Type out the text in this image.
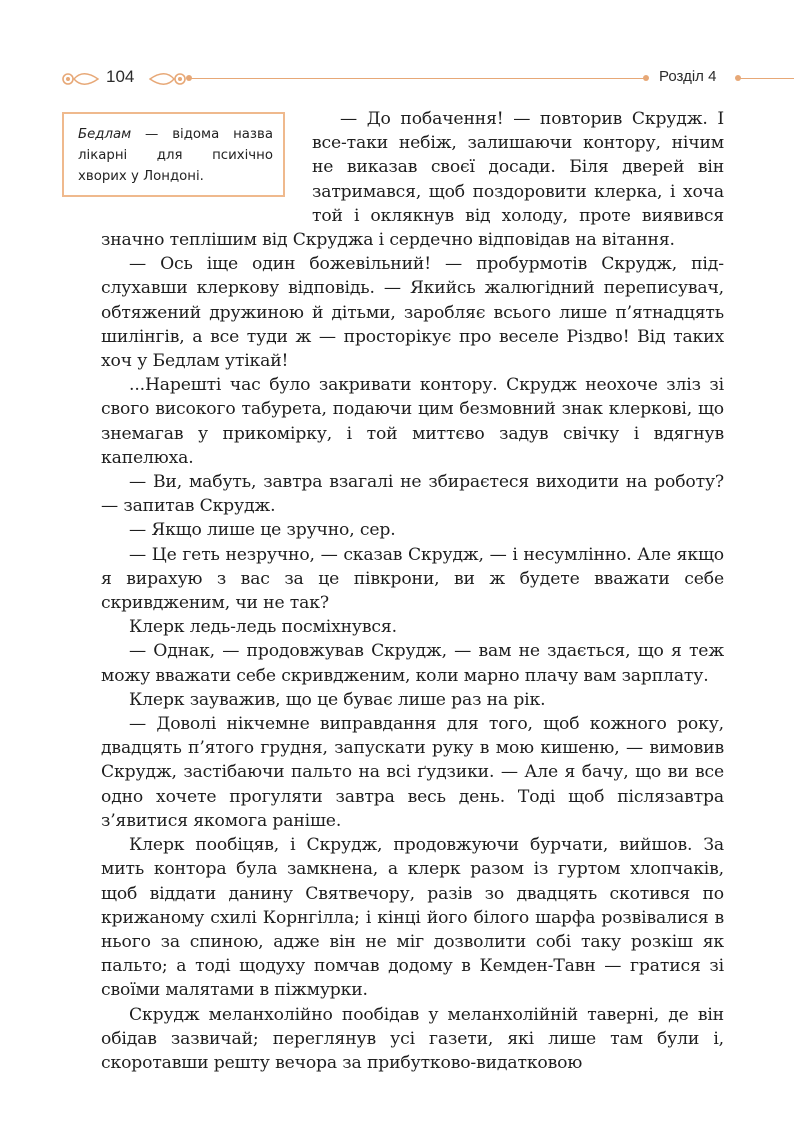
104	Розділ 4
Бедлам — відома назва лікарні для психічно хворих у Лондоні.

— До побачення! — повторив Скрудж. І все-таки небіж, залишаючи контору, нічим не виказав своєї досади. Біля дверей він затримався, щоб поздоровити клерка, і хоча той і оклякнув від холоду, проте виявився значно теплішим від Скруджа і сердечно відповідав на вітання.

— Ось іще один божевільний! — пробурмотів Скрудж, підслухавши клеркову відповідь. — Якийсь жалюгідний переписувач, обтяжений дружиною й дітьми, заробляє всього лише п’ятнадцять шилінгів, а все туди ж — просторікує про веселе Різдво! Від таких хоч у Бедлам утікай!

...Нарешті час було закривати контору. Скрудж неохоче зліз зі свого високого табурета, подаючи цим безмовний знак клеркові, що знемагав у прикомірку, і той миттєво задув свічку і вдягнув капелюха.

— Ви, мабуть, завтра взагалі не збираєтеся виходити на роботу? — запитав Скрудж.

— Якщо лише це зручно, сер.

— Це геть незручно, — сказав Скрудж, — і несумлінно. Але якщо я вирахую з вас за це півкрони, ви ж будете вважати себе скривдженим, чи не так?

Клерк ледь-ледь посміхнувся.

— Однак, — продовжував Скрудж, — вам не здається, що я теж можу вважати себе скривдженим, коли марно плачу вам зарплату.

Клерк зауважив, що це буває лише раз на рік.

— Доволі нікчемне виправдання для того, щоб кожного року, двадцять п’ятого грудня, запускати руку в мою кишеню, — вимовив Скрудж, застібаючи пальто на всі ґудзики. — Але я бачу, що ви все одно хочете прогуляти завтра весь день. Тоді щоб післязавтра з’явитися якомога раніше.

Клерк пообіцяв, і Скрудж, продовжуючи бурчати, вийшов. За мить контора була замкнена, а клерк разом із гуртом хлопчаків, щоб віддати данину Святвечору, разів зо двадцять скотився по крижаному схилі Корнгілла; і кінці його білого шарфа розвівалися в нього за спиною, адже він не міг дозволити собі таку розкіш як пальто; а тоді щодуху помчав додому в Кемден-Тавн — гратися зі своїми малятами в піжмурки.

Скрудж меланхолійно пообідав у меланхолійній таверні, де він обідав зазвичай; переглянув усі газети, які лише там були і, скоротавши решту вечора за прибутково-видатковою
